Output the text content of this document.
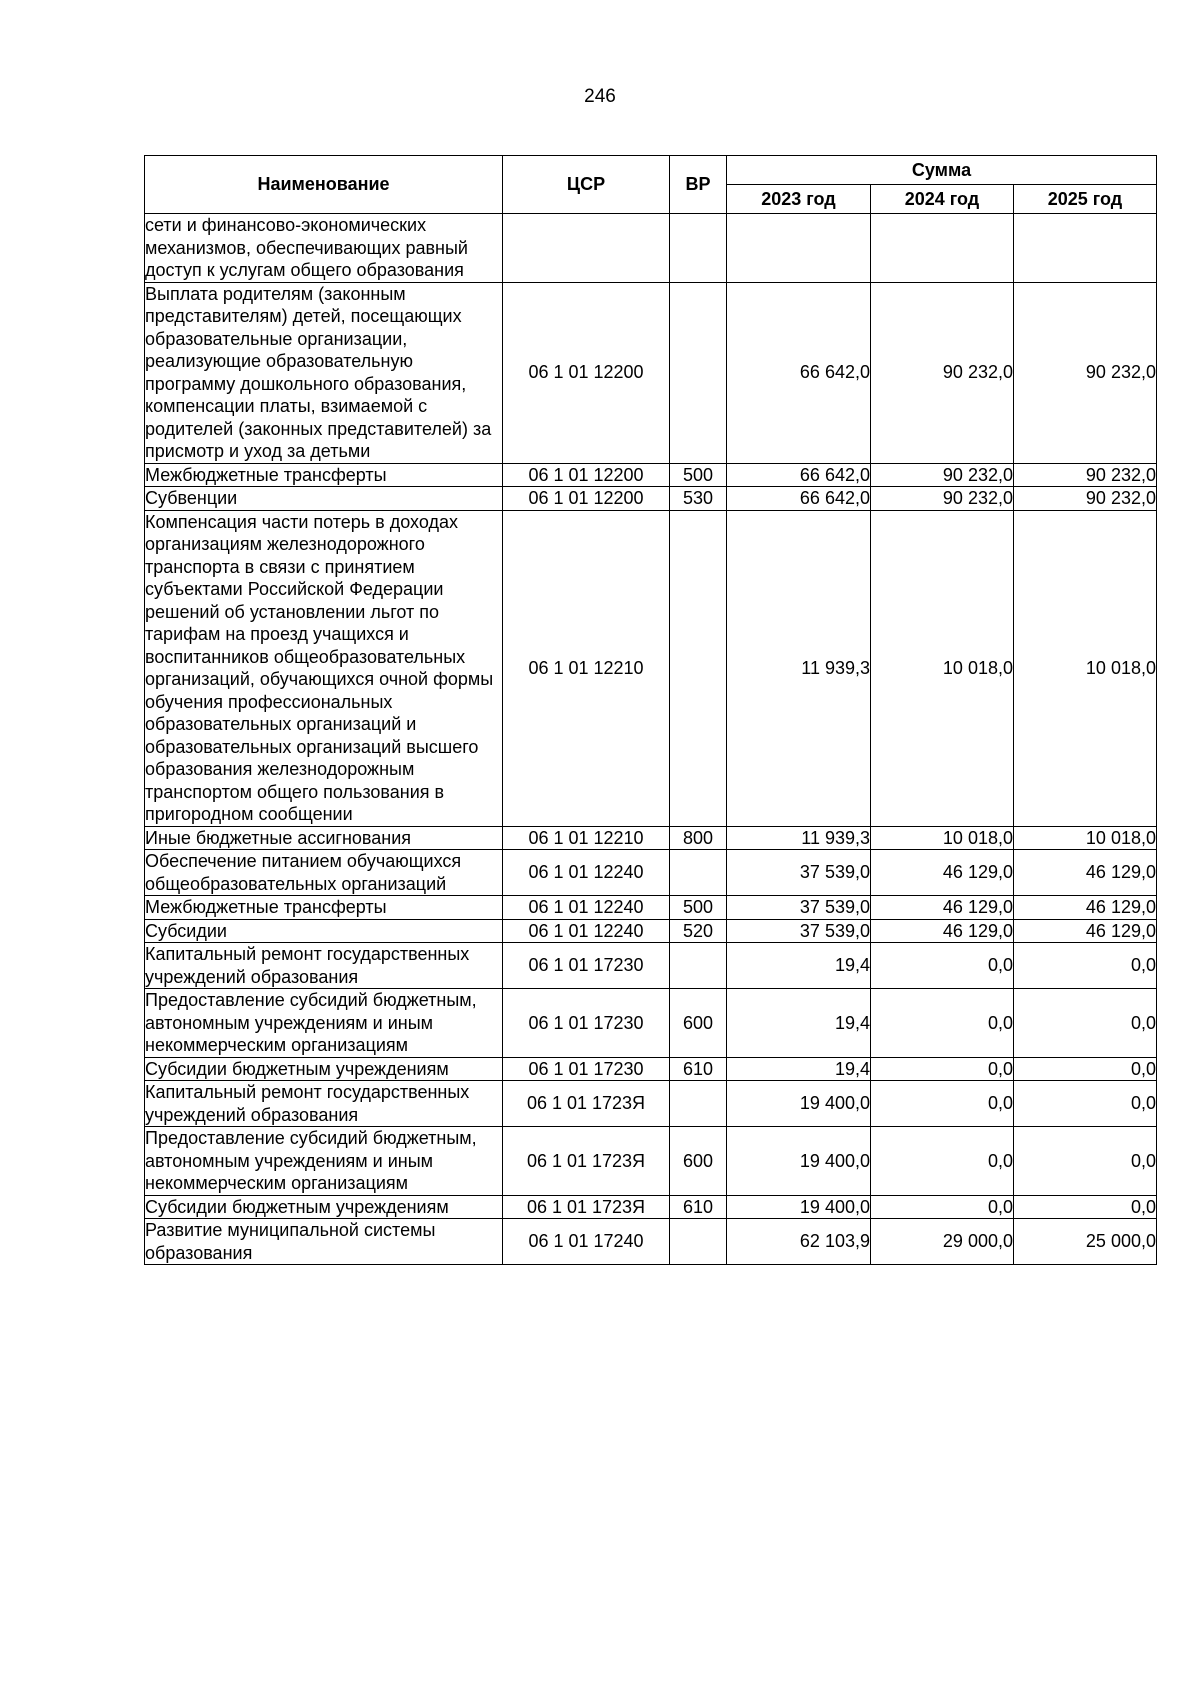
246
Наименование	ЦСР	ВР	Сумма		
			2023 год	2024 год	2025 год
сети и финансово-экономических механизмов, обеспечивающих равный доступ к услугам общего образования					
Выплата родителям (законным представителям) детей, посещающих образовательные организации, реализующие образовательную программу дошкольного образования, компенсации платы, взимаемой с родителей (законных представителей) за присмотр и уход за детьми	06 1 01 12200		66 642,0	90 232,0	90 232,0
Межбюджетные трансферты	06 1 01 12200	500	66 642,0	90 232,0	90 232,0
Субвенции	06 1 01 12200	530	66 642,0	90 232,0	90 232,0
Компенсация части потерь в доходах организациям железнодорожного транспорта в связи с принятием субъектами Российской Федерации решений об установлении льгот по тарифам на проезд учащихся и воспитанников общеобразовательных организаций, обучающихся очной формы обучения профессиональных образовательных организаций и образовательных организаций высшего образования железнодорожным транспортом общего пользования в пригородном сообщении	06 1 01 12210		11 939,3	10 018,0	10 018,0
Иные бюджетные ассигнования	06 1 01 12210	800	11 939,3	10 018,0	10 018,0
Обеспечение питанием обучающихся общеобразовательных организаций	06 1 01 12240		37 539,0	46 129,0	46 129,0
Межбюджетные трансферты	06 1 01 12240	500	37 539,0	46 129,0	46 129,0
Субсидии	06 1 01 12240	520	37 539,0	46 129,0	46 129,0
Капитальный ремонт государственных учреждений образования	06 1 01 17230		19,4	0,0	0,0
Предоставление субсидий бюджетным, автономным учреждениям и иным некоммерческим организациям	06 1 01 17230	600	19,4	0,0	0,0
Субсидии бюджетным учреждениям	06 1 01 17230	610	19,4	0,0	0,0
Капитальный ремонт государственных учреждений образования	06 1 01 1723Я		19 400,0	0,0	0,0
Предоставление субсидий бюджетным, автономным учреждениям и иным некоммерческим организациям	06 1 01 1723Я	600	19 400,0	0,0	0,0
Субсидии бюджетным учреждениям	06 1 01 1723Я	610	19 400,0	0,0	0,0
Развитие муниципальной системы образования	06 1 01 17240		62 103,9	29 000,0	25 000,0
